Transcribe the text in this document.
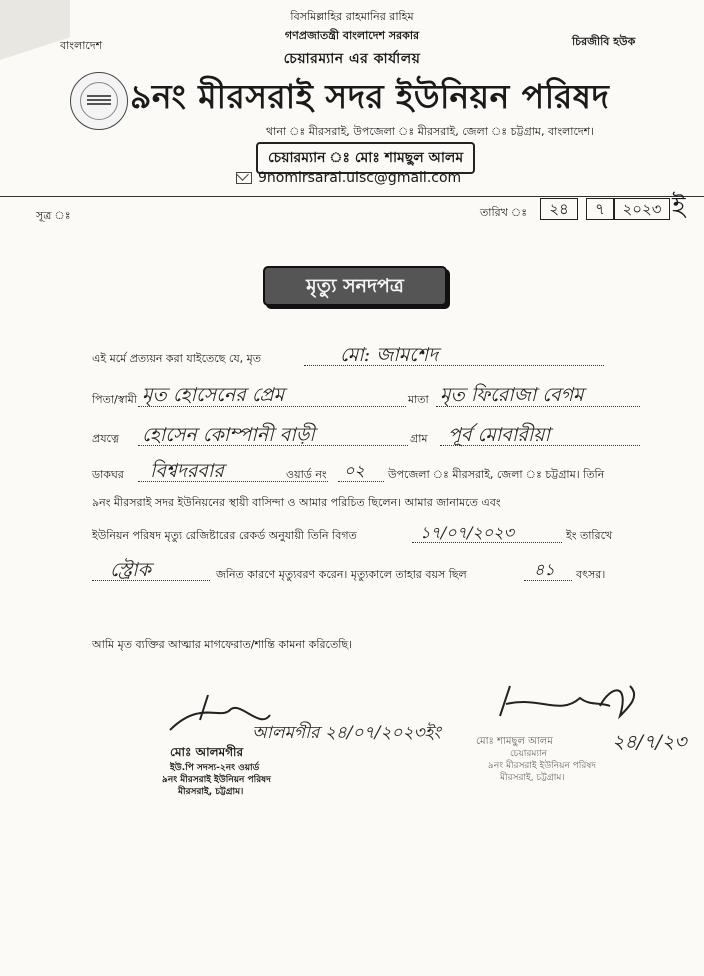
বিসমিল্লাহির রাহমানির রাহিম
গণপ্রজাতন্ত্রী বাংলাদেশ সরকার
বাংলাদেশ	চিরজীবি হউক
চেয়ারম্যান এর কার্যালয়
৯নং মীরসরাই সদর ইউনিয়ন পরিষদ
থানা ঃ মীরসরাই, উপজেলা ঃ মীরসরাই, জেলা ঃ চট্টগ্রাম, বাংলাদেশ।
চেয়ারম্যান ঃ মোঃ শামছুল আলম
9nomirsarai.uisc@gmail.com
সূত্র ঃ	তারিখ ঃ	২৪	৭	২০২৩ ই
মৃত্যু সনদপত্র
এই মর্মে প্রত্যয়ন করা যাইতেছে যে, মৃত	মো: জামশেদ
পিতা/স্বামী মৃত হোসেনের প্রেম	মাতা মৃত ফিরোজা বেগম
প্রযত্নে হোসেন কোম্পানী বাড়ী	গ্রাম পূর্ব মোবারীয়া
ডাকঘর বিশ্বদরবার	ওয়ার্ড নং ০২ উপজেলা ঃ মীরসরাই, জেলা ঃ চট্টগ্রাম। তিনি
৯নং মীরসরাই সদর ইউনিয়নের স্থায়ী বাসিন্দা ও আমার পরিচিত ছিলেন। আমার জানামতে এবং
ইউনিয়ন পরিষদ মৃত্যু রেজিষ্টারের রেকর্ড অনুযায়ী তিনি বিগত	১৭/০৭/২০২৩	ইং তারিখে
স্ট্রোক	জনিত কারণে মৃত্যুবরণ করেন। মৃত্যুকালে তাহার বয়স ছিল	৪১ বৎসর।
আমি মৃত ব্যক্তির আত্মার মাগফেরাত/শান্তি কামনা করিতেছি।
আলমগীর ২৪/০৭/২০২৩ইং
মোঃ আলমগীর
ইউ.পি সদস্য-২নং ওয়ার্ড
৯নং মীরসরাই ইউনিয়ন পরিষদ
মীরসরাই, চট্টগ্রাম।
২৪/৭/২৩
মোঃ শামছুল আলম
চেয়ারম্যান
৯নং মীরসরাই ইউনিয়ন পরিষদ
মীরসরাই, চট্টগ্রাম।
